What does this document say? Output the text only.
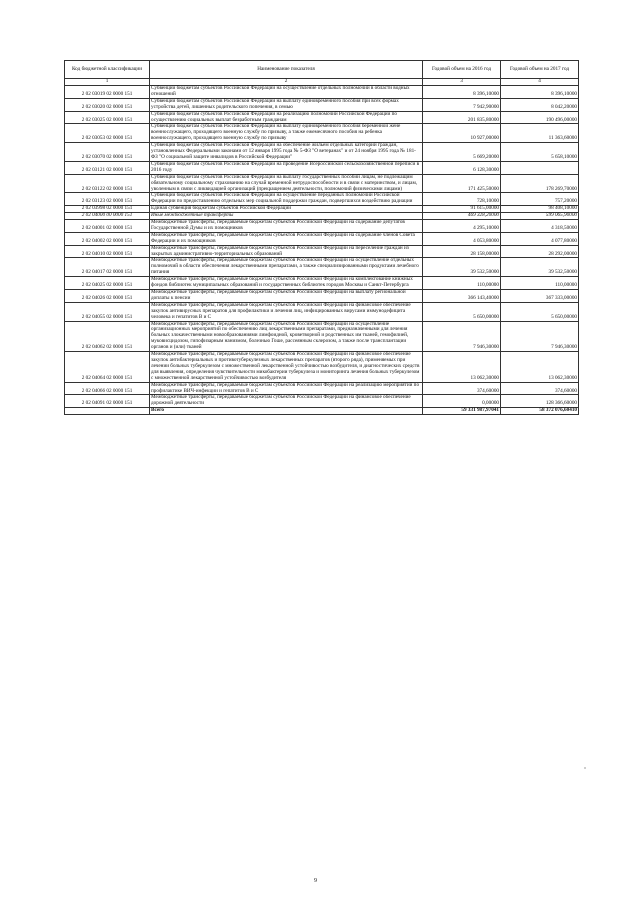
Код бюджетной классификации	Наименование показателя	Годовой объем на 2016 год	Годовой объем на 2017 год
1	2	3	4
2 02 03019 02 0000 151	Субвенции бюджетам субъектов Российской Федерации на осуществление отдельных полномочий в области водных отношений	8 396,10000	8 396,10000
2 02 03020 02 0000 151	Субвенции бюджетам субъектов Российской Федерации на выплату единовременного пособия при всех формах устройства детей, лишенных родительского попечения, в семью	7 942,90000	8 042,20000
2 02 03025 02 0000 151	Субвенции бюджетам субъектов Российской Федерации на реализацию полномочий Российской Федерации по осуществлению социальных выплат безработным гражданам	201 835,80000	190 496,00000
2 02 03053 02 0000 151	Субвенции бюджетам субъектов Российской Федерации на выплату единовременного пособия беременной жене военнослужащего, проходящего военную службу по призыву, а также ежемесячного пособия на ребенка военнослужащего, проходящего военную службу по призыву	10 927,00000	11 363,60000
2 02 03070 02 0000 151	Субвенции бюджетам субъектов Российской Федерации на обеспечение жильем отдельных категорий граждан, установленных Федеральными законами от 12 января 1995 года № 5-ФЗ "О ветеранах" и от 24 ноября 1995 года № 181-ФЗ "О социальной защите инвалидов в Российской Федерации"	5 669,20000	5 658,10000
2 02 03121 02 0000 151	Субвенции бюджетам субъектов Российской Федерации на проведение Всероссийской сельскохозяйственной переписи в 2016 году	6 128,30000	
2 02 03122 02 0000 151	Субвенции бюджетам субъектов Российской Федерации на выплату государственных пособий лицам, не подлежащим обязательному социальному страхованию на случай временной нетрудоспособности и в связи с материнством, и лицам, уволенным в связи с ликвидацией организаций (прекращением деятельности, полномочий физическими лицами)	171 425,50000	178 269,70000
2 02 03123 02 0000 151	Субвенции бюджетам субъектов Российской Федерации на осуществление переданных полномочий Российской Федерации по предоставлению отдельных мер социальной поддержки граждан, подвергшихся воздействию радиации	728,10000	757,20000
2 02 03998 02 0000 151	Единая субвенция бюджетам субъектов Российской Федерации	91 615,00000	98 408,10000
2 02 04000 00 0000 151	Иные межбюджетные трансферты	469 328,20000	599 065,90000
2 02 04001 02 0000 151	Межбюджетные трансферты, передаваемые бюджетам субъектов Российской Федерации на содержание депутатов Государственной Думы и их помощников	4 295,10000	4 318,50000
2 02 04002 02 0000 151	Межбюджетные трансферты, передаваемые бюджетам субъектов Российской Федерации на содержание членов Совета Федерации и их помощников	4 053,80000	4 077,80000
2 02 04010 02 0000 151	Межбюджетные трансферты, передаваемые бюджетам субъектов Российской Федерации на переселение граждан из закрытых административно-территориальных образований	28 158,00000	28 292,00000
2 02 04017 02 0000 151	Межбюджетные трансферты, передаваемые бюджетам субъектов Российской Федерации на осуществление отдельных полномочий в области обеспечения лекарственными препаратами, а также специализированными продуктами лечебного питания	39 532,50000	39 532,50000
2 02 04025 02 0000 151	Межбюджетные трансферты, передаваемые бюджетам субъектов Российской Федерации на комплектование книжных фондов библиотек муниципальных образований и государственных библиотек городов Москвы и Санкт-Петербурга	110,00000	110,00000
2 02 04026 02 0000 151	Межбюджетные трансферты, передаваемые бюджетам субъектов Российской Федерации на выплату региональной доплаты к пенсии	366 143,40000	367 333,00000
2 02 04055 02 0000 151	Межбюджетные трансферты, передаваемые бюджетам субъектов Российской Федерации на финансовое обеспечение закупок антивирусных препаратов для профилактики и лечения лиц, инфицированных вирусами иммунодефицита человека и гепатитов В и С	5 650,00000	5 650,00000
2 02 04062 02 0000 151	Межбюджетные трансферты, передаваемые бюджетам субъектов Российской Федерации на осуществление организационных мероприятий по обеспечению лиц лекарственными препаратами, предназначенными для лечения больных злокачественными новообразованиями лимфоидной, кроветворной и родственных им тканей, гемофилией, муковисцидозом, гипофизарным нанизмом, болезнью Гоше, рассеянным склерозом, а также после трансплантации органов и (или) тканей	7 946,30000	7 946,30000
2 02 04064 02 0000 151	Межбюджетные трансферты, передаваемые бюджетам субъектов Российской Федерации на финансовое обеспечение закупок антибактериальных и противотуберкулезных лекарственных препаратов (второго ряда), применяемых при лечении больных туберкулезом с множественной лекарственной устойчивостью возбудителя, и диагностических средств для выявления, определения чувствительности микобактерии туберкулеза и мониторинга лечения больных туберкулезом с множественной лекарственной устойчивостью возбудителя	13 062,30000	13 062,30000
2 02 04066 02 0000 151	Межбюджетные трансферты, передаваемые бюджетам субъектов Российской Федерации на реализацию мероприятий по профилактике ВИЧ-инфекции и гепатитов В и С	374,60000	374,60000
2 02 04091 02 0000 151	Межбюджетные трансферты, передаваемые бюджетам субъектов Российской Федерации на финансовое обеспечение дорожной деятельности	0,00000	128 366,60000
	Всего	59 331 987,97041	58 372 076,60410
9
"
